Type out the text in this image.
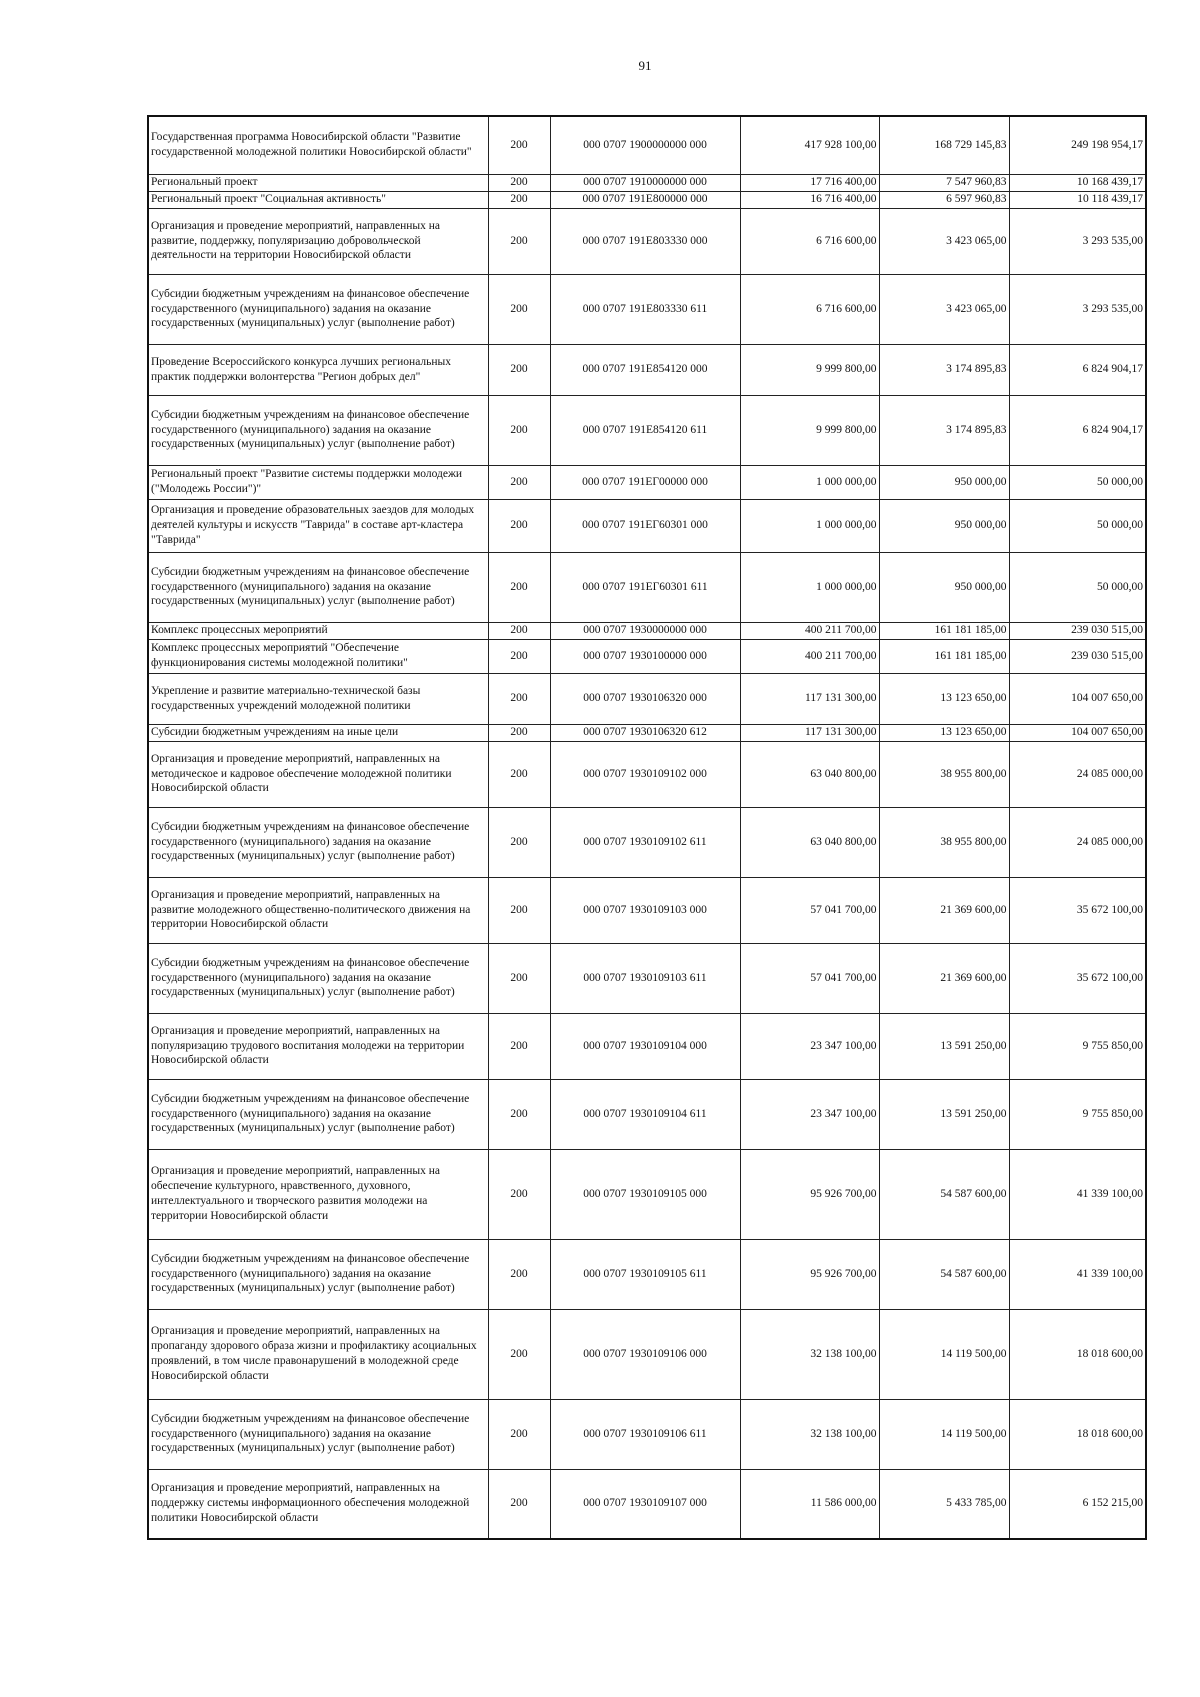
91
Государственная программа Новосибирской области "Развитие государственной молодежной политики Новосибирской области"	200	000 0707 1900000000 000	417 928 100,00	168 729 145,83	249 198 954,17
Региональный проект	200	000 0707 1910000000 000	17 716 400,00	7 547 960,83	10 168 439,17
Региональный проект "Социальная активность"	200	000 0707 191E800000 000	16 716 400,00	6 597 960,83	10 118 439,17
Организация и проведение мероприятий, направленных на развитие, поддержку, популяризацию добровольческой деятельности на территории Новосибирской области	200	000 0707 191E803330 000	6 716 600,00	3 423 065,00	3 293 535,00
Субсидии бюджетным учреждениям на финансовое обеспечение государственного (муниципального) задания на оказание государственных (муниципальных) услуг (выполнение работ)	200	000 0707 191E803330 611	6 716 600,00	3 423 065,00	3 293 535,00
Проведение Всероссийского конкурса лучших региональных практик поддержки волонтерства "Регион добрых дел"	200	000 0707 191E854120 000	9 999 800,00	3 174 895,83	6 824 904,17
Субсидии бюджетным учреждениям на финансовое обеспечение государственного (муниципального) задания на оказание государственных (муниципальных) услуг (выполнение работ)	200	000 0707 191E854120 611	9 999 800,00	3 174 895,83	6 824 904,17
Региональный проект "Развитие системы поддержки молодежи ("Молодежь России")"	200	000 0707 191EГ00000 000	1 000 000,00	950 000,00	50 000,00
Организация и проведение образовательных заездов для молодых деятелей культуры и искусств "Таврида" в составе арт-кластера "Таврида"	200	000 0707 191EГ60301 000	1 000 000,00	950 000,00	50 000,00
Субсидии бюджетным учреждениям на финансовое обеспечение государственного (муниципального) задания на оказание государственных (муниципальных) услуг (выполнение работ)	200	000 0707 191EГ60301 611	1 000 000,00	950 000,00	50 000,00
Комплекс процессных мероприятий	200	000 0707 1930000000 000	400 211 700,00	161 181 185,00	239 030 515,00
Комплекс процессных мероприятий "Обеспечение функционирования системы молодежной политики"	200	000 0707 1930100000 000	400 211 700,00	161 181 185,00	239 030 515,00
Укрепление и развитие материально-технической базы государственных учреждений молодежной политики	200	000 0707 1930106320 000	117 131 300,00	13 123 650,00	104 007 650,00
Субсидии бюджетным учреждениям на иные цели	200	000 0707 1930106320 612	117 131 300,00	13 123 650,00	104 007 650,00
Организация и проведение мероприятий, направленных на методическое и кадровое обеспечение молодежной политики Новосибирской области	200	000 0707 1930109102 000	63 040 800,00	38 955 800,00	24 085 000,00
Субсидии бюджетным учреждениям на финансовое обеспечение государственного (муниципального) задания на оказание государственных (муниципальных) услуг (выполнение работ)	200	000 0707 1930109102 611	63 040 800,00	38 955 800,00	24 085 000,00
Организация и проведение мероприятий, направленных на развитие молодежного общественно-политического движения на территории Новосибирской области	200	000 0707 1930109103 000	57 041 700,00	21 369 600,00	35 672 100,00
Субсидии бюджетным учреждениям на финансовое обеспечение государственного (муниципального) задания на оказание государственных (муниципальных) услуг (выполнение работ)	200	000 0707 1930109103 611	57 041 700,00	21 369 600,00	35 672 100,00
Организация и проведение мероприятий, направленных на популяризацию трудового воспитания молодежи на территории Новосибирской области	200	000 0707 1930109104 000	23 347 100,00	13 591 250,00	9 755 850,00
Субсидии бюджетным учреждениям на финансовое обеспечение государственного (муниципального) задания на оказание государственных (муниципальных) услуг (выполнение работ)	200	000 0707 1930109104 611	23 347 100,00	13 591 250,00	9 755 850,00
Организация и проведение мероприятий, направленных на обеспечение культурного, нравственного, духовного, интеллектуального и творческого развития молодежи на территории Новосибирской области	200	000 0707 1930109105 000	95 926 700,00	54 587 600,00	41 339 100,00
Субсидии бюджетным учреждениям на финансовое обеспечение государственного (муниципального) задания на оказание государственных (муниципальных) услуг (выполнение работ)	200	000 0707 1930109105 611	95 926 700,00	54 587 600,00	41 339 100,00
Организация и проведение мероприятий, направленных на пропаганду здорового образа жизни и профилактику асоциальных проявлений, в том числе правонарушений в молодежной среде Новосибирской области	200	000 0707 1930109106 000	32 138 100,00	14 119 500,00	18 018 600,00
Субсидии бюджетным учреждениям на финансовое обеспечение государственного (муниципального) задания на оказание государственных (муниципальных) услуг (выполнение работ)	200	000 0707 1930109106 611	32 138 100,00	14 119 500,00	18 018 600,00
Организация и проведение мероприятий, направленных на поддержку системы информационного обеспечения молодежной политики Новосибирской области	200	000 0707 1930109107 000	11 586 000,00	5 433 785,00	6 152 215,00
